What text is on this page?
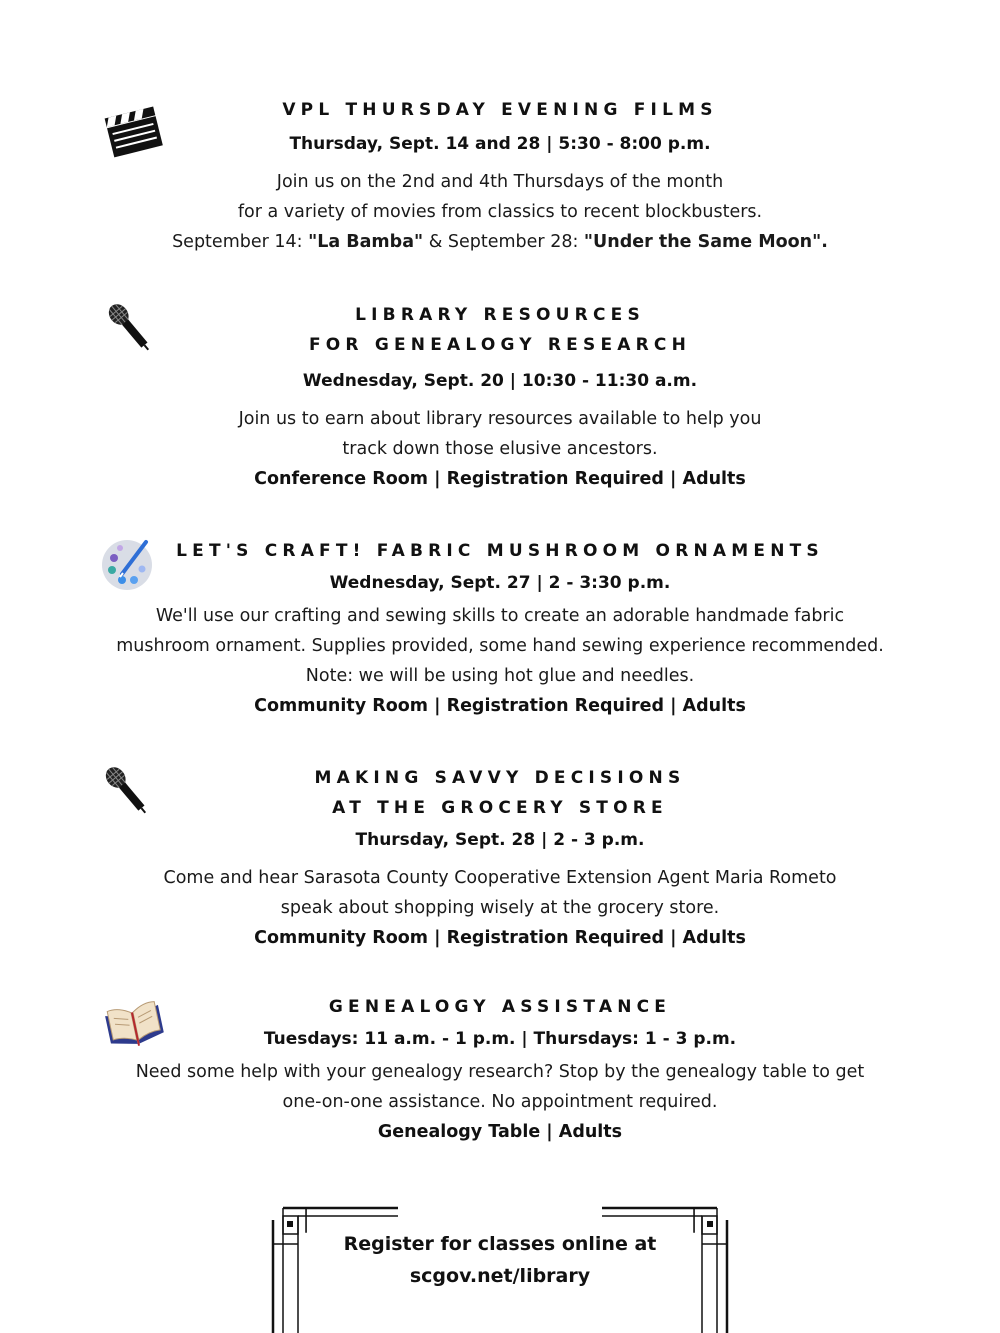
VPL THURSDAY EVENING FILMS
Thursday, Sept. 14 and 28 | 5:30 - 8:00 p.m.
Join us on the 2nd and 4th Thursdays of the month
for a variety of movies from classics to recent blockbusters.
September 14: "La Bamba" & September 28: "Under the Same Moon".
LIBRARY RESOURCES
FOR GENEALOGY RESEARCH
Wednesday, Sept. 20 | 10:30 - 11:30 a.m.
Join us to earn about library resources available to help you
track down those elusive ancestors.
Conference Room | Registration Required | Adults
LET'S CRAFT! FABRIC MUSHROOM ORNAMENTS
Wednesday, Sept. 27 | 2 - 3:30 p.m.
We'll use our crafting and sewing skills to create an adorable handmade fabric
mushroom ornament. Supplies provided, some hand sewing experience recommended.
Note: we will be using hot glue and needles.
Community Room | Registration Required | Adults
MAKING SAVVY DECISIONS
AT THE GROCERY STORE
Thursday, Sept. 28 | 2 - 3 p.m.
Come and hear Sarasota County Cooperative Extension Agent Maria Rometo
speak about shopping wisely at the grocery store.
Community Room | Registration Required | Adults
GENEALOGY ASSISTANCE
Tuesdays: 11 a.m. - 1 p.m. | Thursdays: 1 - 3 p.m.
Need some help with your genealogy research? Stop by the genealogy table to get
one-on-one assistance. No appointment required.
Genealogy Table | Adults
Register for classes online at
scgov.net/library
